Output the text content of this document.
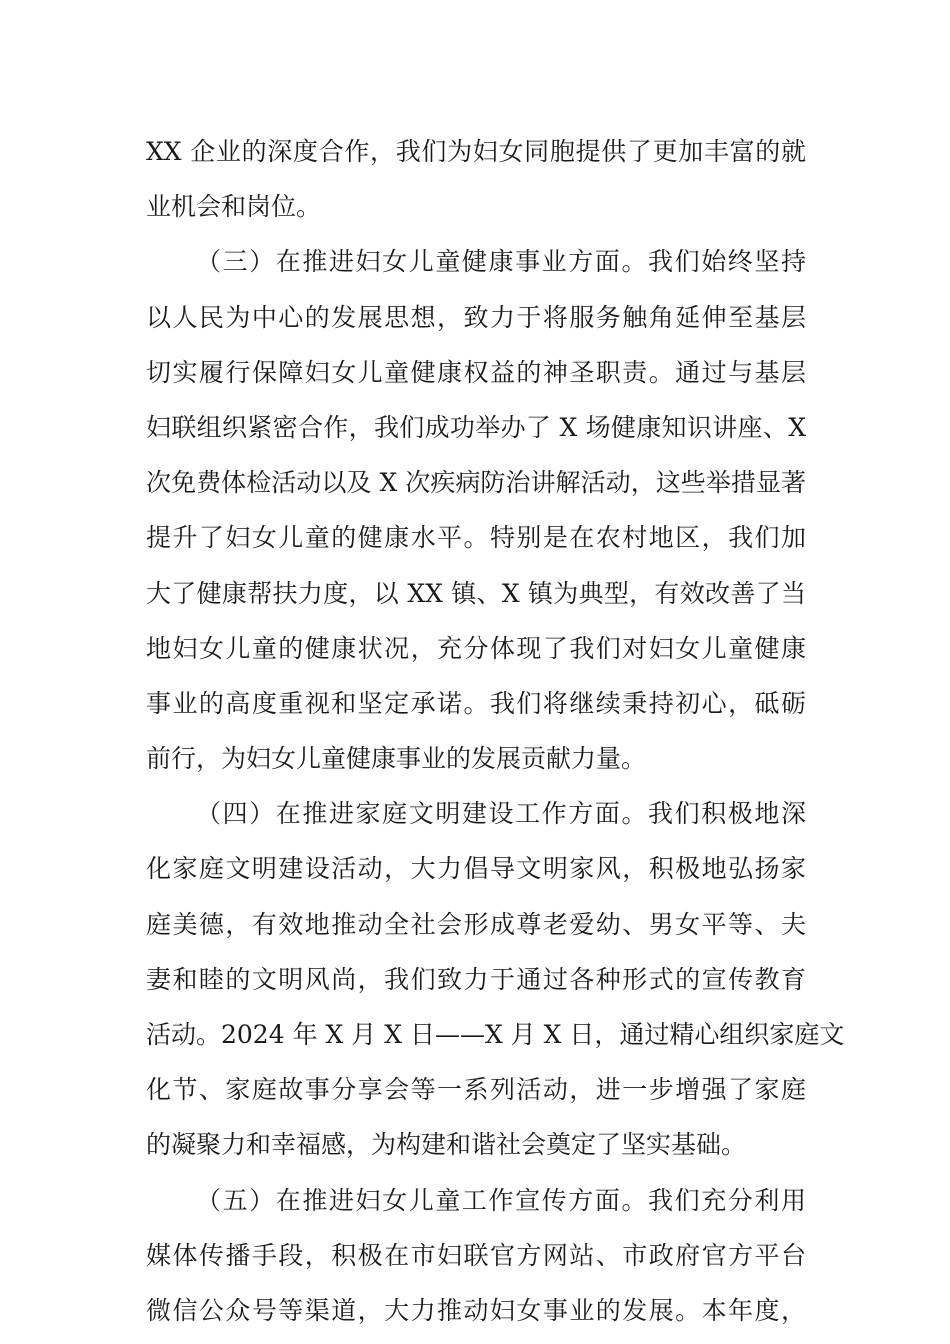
XX 企业的深度合作，我们为妇女同胞提供了更加丰富的就
业机会和岗位。
（三）在推进妇女儿童健康事业方面。我们始终坚持
以人民为中心的发展思想，致力于将服务触角延伸至基层
切实履行保障妇女儿童健康权益的神圣职责。通过与基层
妇联组织紧密合作，我们成功举办了 X 场健康知识讲座、X
次免费体检活动以及 X 次疾病防治讲解活动，这些举措显著
提升了妇女儿童的健康水平。特别是在农村地区，我们加
大了健康帮扶力度，以 XX 镇、X 镇为典型，有效改善了当
地妇女儿童的健康状况，充分体现了我们对妇女儿童健康
事业的高度重视和坚定承诺。我们将继续秉持初心，砥砺
前行，为妇女儿童健康事业的发展贡献力量。
（四）在推进家庭文明建设工作方面。我们积极地深
化家庭文明建设活动，大力倡导文明家风，积极地弘扬家
庭美德，有效地推动全社会形成尊老爱幼、男女平等、夫
妻和睦的文明风尚，我们致力于通过各种形式的宣传教育
活动。2024 年 X 月 X 日——X 月 X 日，通过精心组织家庭文
化节、家庭故事分享会等一系列活动，进一步增强了家庭
的凝聚力和幸福感，为构建和谐社会奠定了坚实基础。
（五）在推进妇女儿童工作宣传方面。我们充分利用
媒体传播手段，积极在市妇联官方网站、市政府官方平台
微信公众号等渠道，大力推动妇女事业的发展。本年度，
